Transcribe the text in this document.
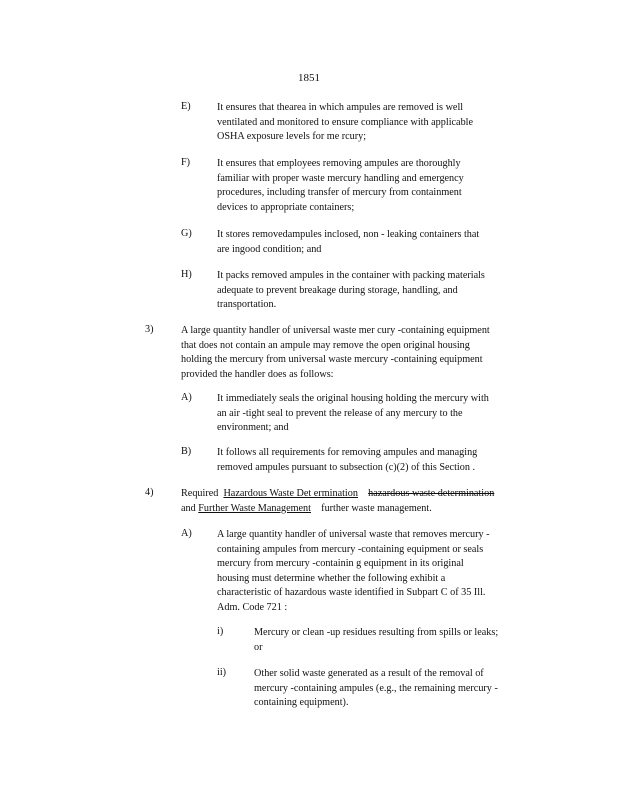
1851
E)	It ensures that thearea in which ampules are removed is well
ventilated and monitored to ensure compliance with applicable
OSHA exposure levels for me rcury;
F)	It ensures that employees removing ampules are thoroughly
familiar with proper waste mercury handling and emergency
procedures, including transfer of mercury from containment
devices to appropriate containers;
G) It stores removedampules inclosed, non - leaking containers that
are ingood condition; and
H) It packs removed ampules in the container with packing materials
adequate to prevent breakage during storage, handling, and
transportation.
3)	A large quantity handler of universal waste mer cury -containing equipment
that does not contain an ampule may remove the open original housing
holding the mercury from universal waste mercury -containing equipment
provided the handler does as follows:
A) It immediately seals the original housing holding the mercury with
an air -tight seal to prevent the release of any mercury to the
environment; and
B)	It follows all requirements for removing ampules and managing
removed ampules pursuant to subsection (c)(2) of this Section .
4)	Required Hazardous Waste Det ermination hazardous waste determination
and Further Waste Management further waste management.
A) A large quantity handler of universal waste that removes mercury -
containing ampules from mercury -containing equipment or seals
mercury from mercury -containin g equipment in its original
housing must determine whether the following exhibit a
characteristic of hazardous waste identified in Subpart C of 35 Ill.
Adm. Code 721 :
i)	Mercury or clean -up residues resulting from spills or leaks;
or
ii)	Other solid waste generated as a result of the removal of
mercury -containing ampules (e.g., the remaining mercury -
containing equipment).
